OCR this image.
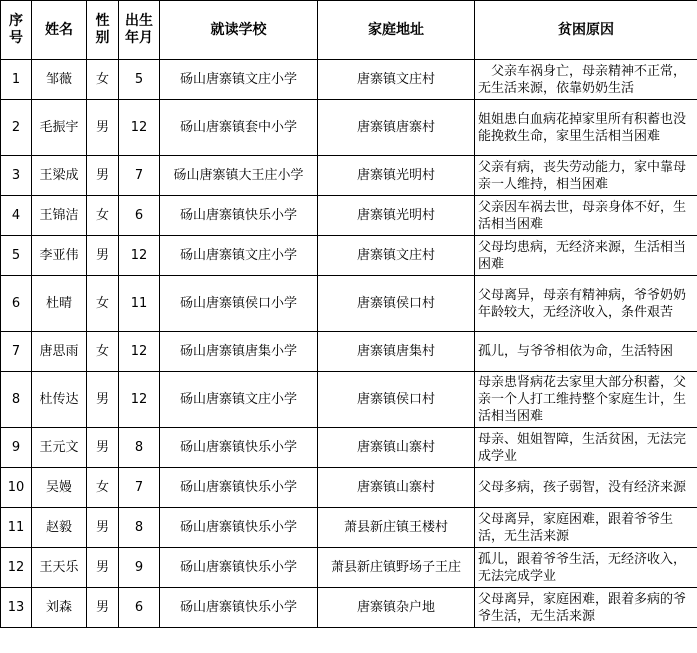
序号	姓名	性别	出生年月	就读学校	家庭地址	贫困原因
1	邹薇	女	5	砀山唐寨镇文庄小学	唐寨镇文庄村	　父亲车祸身亡，母亲精神不正常，无生活来源，依靠奶奶生活
2	毛振宇	男	12	砀山唐寨镇套中小学	唐寨镇唐寨村	姐姐患白血病花掉家里所有积蓄也没能挽救生命，家里生活相当困难
3	王梁成	男	7	砀山唐寨镇大王庄小学	唐寨镇光明村	父亲有病，丧失劳动能力，家中靠母亲一人维持，相当困难
4	王锦洁	女	6	砀山唐寨镇快乐小学	唐寨镇光明村	父亲因车祸去世，母亲身体不好，生活相当困难
5	李亚伟	男	12	砀山唐寨镇文庄小学	唐寨镇文庄村	父母均患病，无经济来源，生活相当困难
6	杜晴	女	11	砀山唐寨镇侯口小学	唐寨镇侯口村	父母离异，母亲有精神病，爷爷奶奶年龄较大，无经济收入，条件艰苦
7	唐思雨	女	12	砀山唐寨镇唐集小学	唐寨镇唐集村	孤儿，与爷爷相依为命，生活特困
8	杜传达	男	12	砀山唐寨镇文庄小学	唐寨镇侯口村	母亲患肾病花去家里大部分积蓄，父亲一个人打工维持整个家庭生计，生活相当困难
9	王元文	男	8	砀山唐寨镇快乐小学	唐寨镇山寨村	母亲、姐姐智障，生活贫困，无法完成学业
10	吴嫚	女	7	砀山唐寨镇快乐小学	唐寨镇山寨村	父母多病，孩子弱智，没有经济来源
11	赵毅	男	8	砀山唐寨镇快乐小学	萧县新庄镇王楼村	父母离异，家庭困难，跟着爷爷生活，无生活来源
12	王天乐	男	9	砀山唐寨镇快乐小学	萧县新庄镇野场子王庄	孤儿，跟着爷爷生活，无经济收入，无法完成学业
13	刘森	男	6	砀山唐寨镇快乐小学	唐寨镇杂户地	父母离异，家庭困难，跟着多病的爷爷生活，无生活来源
